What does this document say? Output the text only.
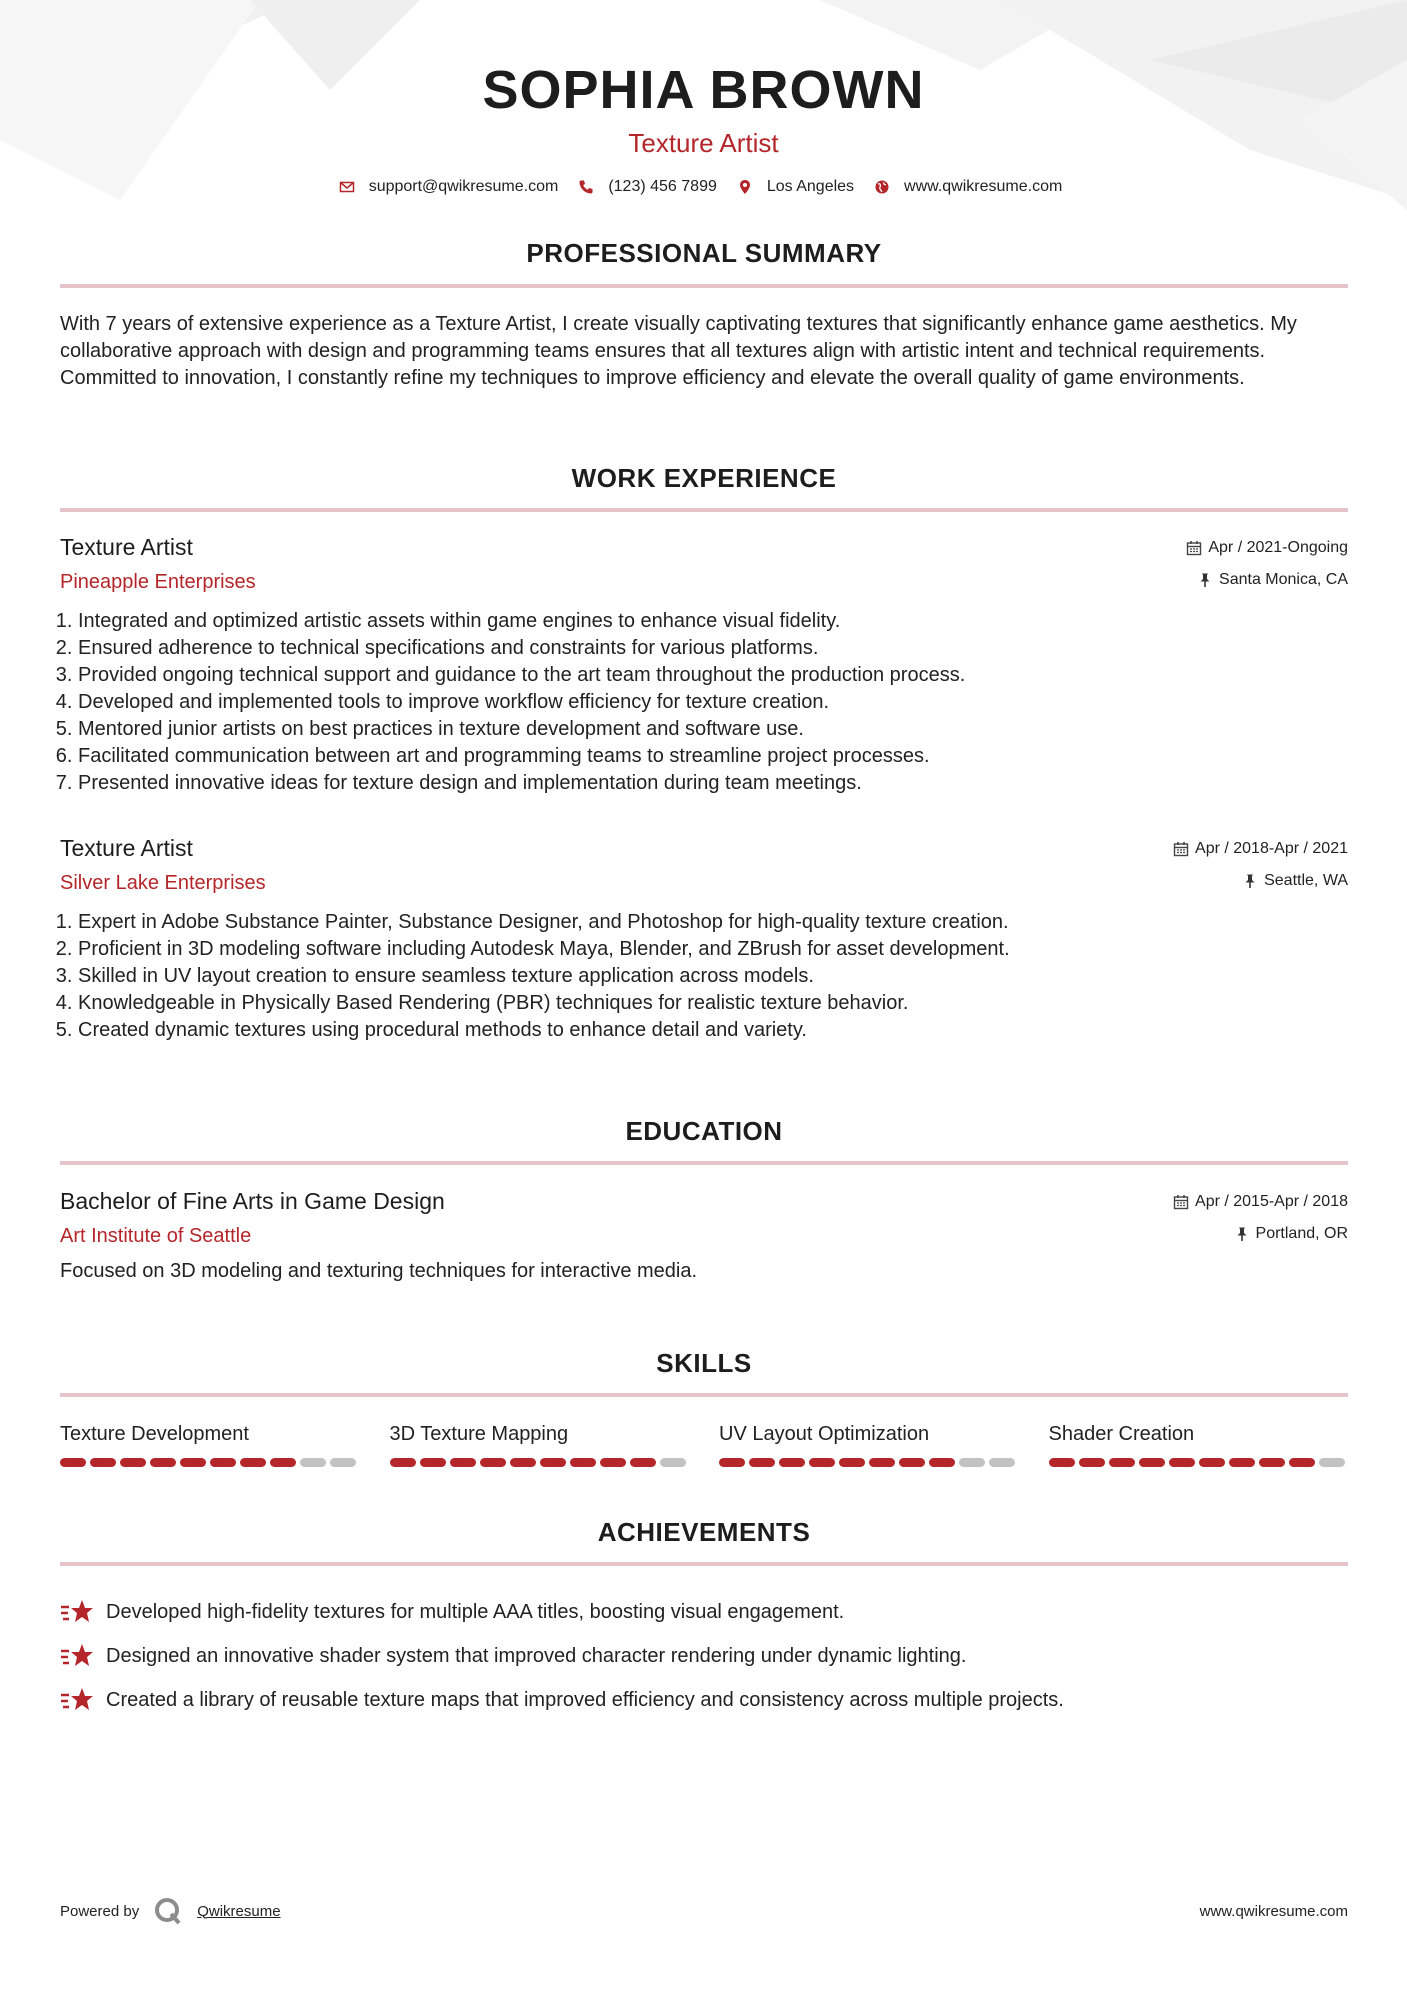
SOPHIA BROWN
Texture Artist
support@qwikresume.com	(123) 456 7899	Los Angeles	www.qwikresume.com
PROFESSIONAL SUMMARY
With 7 years of extensive experience as a Texture Artist, I create visually captivating textures that significantly enhance game aesthetics. My collaborative approach with design and programming teams ensures that all textures align with artistic intent and technical requirements. Committed to innovation, I constantly refine my techniques to improve efficiency and elevate the overall quality of game environments.
WORK EXPERIENCE
Texture Artist
Pineapple Enterprises
Apr / 2021-Ongoing
Santa Monica, CA
1. Integrated and optimized artistic assets within game engines to enhance visual fidelity.
2. Ensured adherence to technical specifications and constraints for various platforms.
3. Provided ongoing technical support and guidance to the art team throughout the production process.
4. Developed and implemented tools to improve workflow efficiency for texture creation.
5. Mentored junior artists on best practices in texture development and software use.
6. Facilitated communication between art and programming teams to streamline project processes.
7. Presented innovative ideas for texture design and implementation during team meetings.
Texture Artist
Silver Lake Enterprises
Apr / 2018-Apr / 2021
Seattle, WA
1. Expert in Adobe Substance Painter, Substance Designer, and Photoshop for high-quality texture creation.
2. Proficient in 3D modeling software including Autodesk Maya, Blender, and ZBrush for asset development.
3. Skilled in UV layout creation to ensure seamless texture application across models.
4. Knowledgeable in Physically Based Rendering (PBR) techniques for realistic texture behavior.
5. Created dynamic textures using procedural methods to enhance detail and variety.
EDUCATION
Bachelor of Fine Arts in Game Design
Art Institute of Seattle
Apr / 2015-Apr / 2018
Portland, OR
Focused on 3D modeling and texturing techniques for interactive media.
SKILLS
Texture Development	3D Texture Mapping	UV Layout Optimization	Shader Creation
ACHIEVEMENTS
Developed high-fidelity textures for multiple AAA titles, boosting visual engagement.
Designed an innovative shader system that improved character rendering under dynamic lighting.
Created a library of reusable texture maps that improved efficiency and consistency across multiple projects.
Powered by	Qwikresume	www.qwikresume.com
